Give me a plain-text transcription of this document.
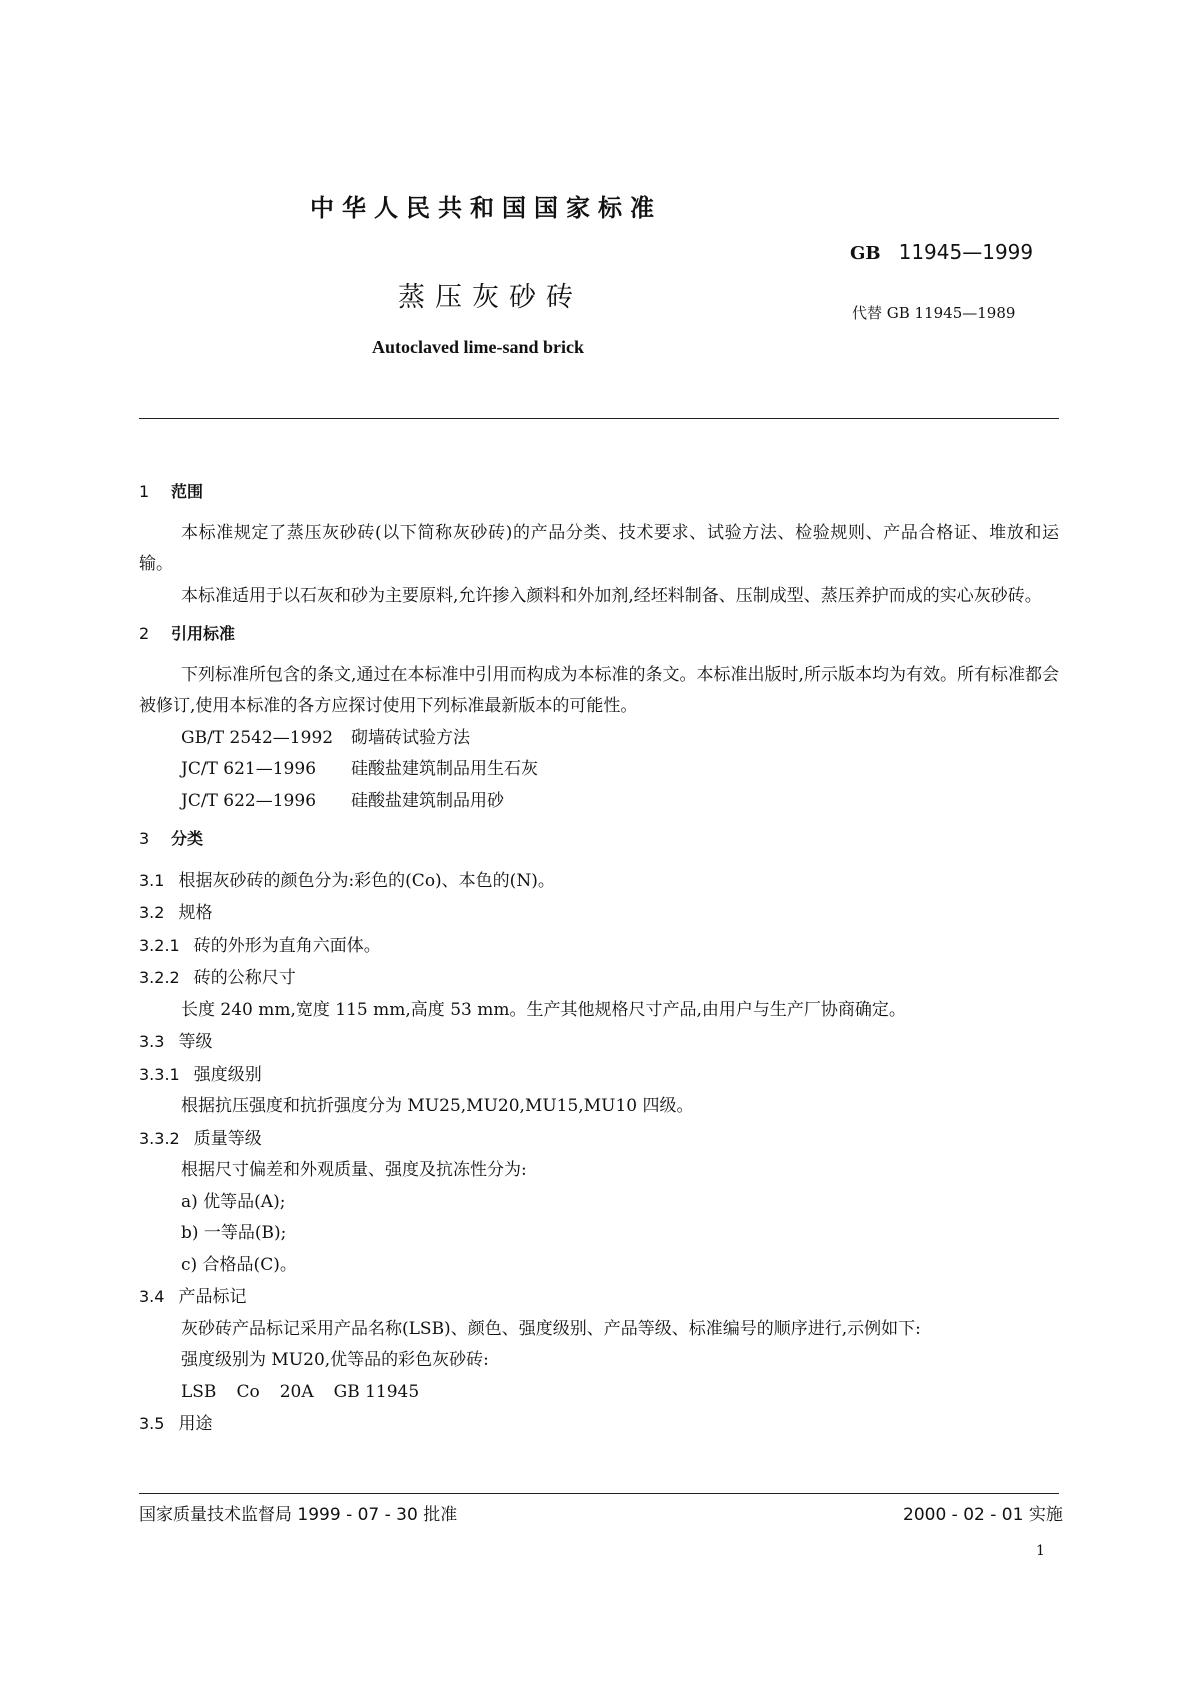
中华人民共和国国家标准
GB 11945—1999
蒸压灰砂砖	代替 GB 11945—1989
Autoclaved lime-sand brick
1 范围
本标准规定了蒸压灰砂砖(以下简称灰砂砖)的产品分类、技术要求、试验方法、检验规则、产品合格证、堆放和运输。
本标准适用于以石灰和砂为主要原料,允许掺入颜料和外加剂,经坯料制备、压制成型、蒸压养护而成的实心灰砂砖。
2 引用标准
下列标准所包含的条文,通过在本标准中引用而构成为本标准的条文。本标准出版时,所示版本均为有效。所有标准都会被修订,使用本标准的各方应探讨使用下列标准最新版本的可能性。
GB/T 2542—1992 砌墙砖试验方法
JC/T 621—1996 硅酸盐建筑制品用生石灰
JC/T 622—1996 硅酸盐建筑制品用砂
3 分类
3.1 根据灰砂砖的颜色分为:彩色的(Co)、本色的(N)。
3.2 规格
3.2.1 砖的外形为直角六面体。
3.2.2 砖的公称尺寸
长度 240 mm,宽度 115 mm,高度 53 mm。生产其他规格尺寸产品,由用户与生产厂协商确定。
3.3 等级
3.3.1 强度级别
根据抗压强度和抗折强度分为 MU25,MU20,MU15,MU10 四级。
3.3.2 质量等级
根据尺寸偏差和外观质量、强度及抗冻性分为:
a) 优等品(A);
b) 一等品(B);
c) 合格品(C)。
3.4 产品标记
灰砂砖产品标记采用产品名称(LSB)、颜色、强度级别、产品等级、标准编号的顺序进行,示例如下:
强度级别为 MU20,优等品的彩色灰砂砖:
LSB Co 20A GB 11945
3.5 用途
国家质量技术监督局 1999 - 07 - 30 批准	2000 - 02 - 01 实施
1
